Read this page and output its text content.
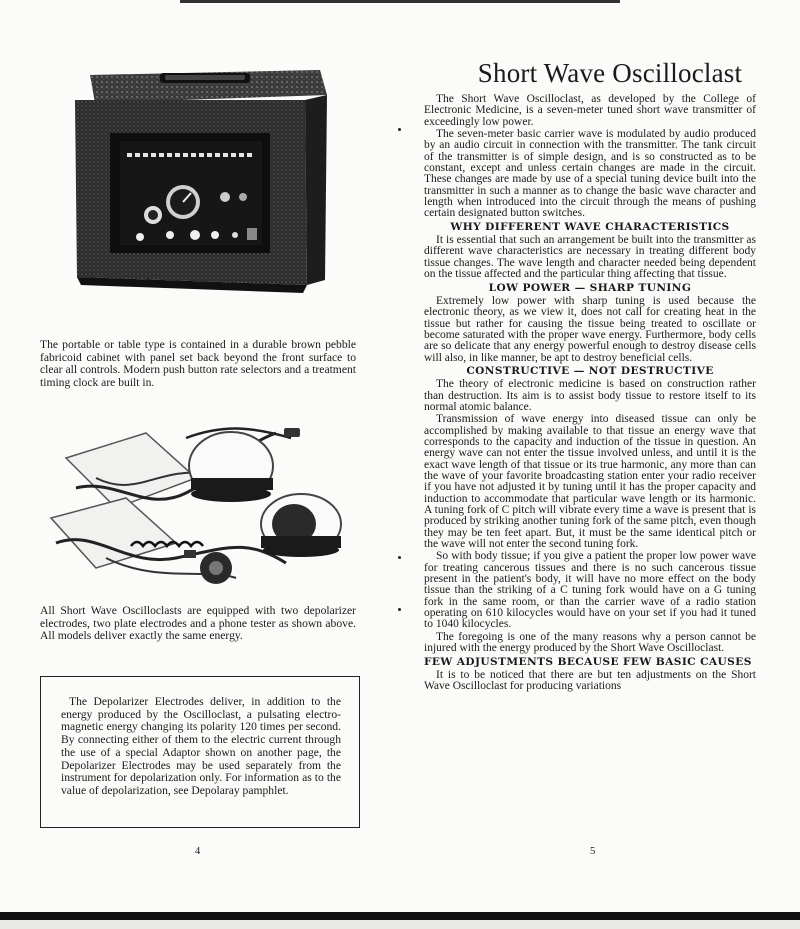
The portable or table type is contained in a durable brown pebble fabricoid cabinet with panel set back beyond the front surface to clear all controls. Modern push button rate selectors and a treatment timing clock are built in.
All Short Wave Oscilloclasts are equipped with two depolarizer electrodes, two plate electrodes and a phone tester as shown above. All models deliver exactly the same energy.

The Depolarizer Electrodes deliver, in addition to the energy produced by the Oscilloclast, a pulsating electro-magnetic energy changing its polarity 120 times per second. By connecting either of them to the electric current through the use of a special Adaptor shown on another page, the Depolarizer Electrodes may be used separately from the instrument for depolarization only. For information as to the value of depolarization, see Depolaray pamphlet.

4
Short Wave Oscilloclast

The Short Wave Oscilloclast, as developed by the College of Electronic Medicine, is a seven-meter tuned short wave transmitter of exceedingly low power.

The seven-meter basic carrier wave is modulated by audio produced by an audio circuit in connection with the transmitter. The tank circuit of the transmitter is of simple design, and is so constructed as to be constant, except and unless certain changes are made in the circuit. These changes are made by use of a special tuning device built into the transmitter in such a manner as to change the basic wave character and length when introduced into the circuit through the means of pushing certain designated button switches.

WHY DIFFERENT WAVE CHARACTERISTICS

It is essential that such an arrangement be built into the transmitter as different wave characteristics are necessary in treating different body tissue changes. The wave length and character needed being dependent on the tissue affected and the particular thing affecting that tissue.

LOW POWER — SHARP TUNING

Extremely low power with sharp tuning is used because the electronic theory, as we view it, does not call for creating heat in the tissue but rather for causing the tissue being treated to oscillate or become saturated with the proper wave energy. Furthermore, body cells are so delicate that any energy powerful enough to destroy disease cells will also, in like manner, be apt to destroy beneficial cells.

CONSTRUCTIVE — NOT DESTRUCTIVE

The theory of electronic medicine is based on construction rather than destruction. Its aim is to assist body tissue to restore itself to its normal atomic balance.

Transmission of wave energy into diseased tissue can only be accomplished by making available to that tissue an energy wave that corresponds to the capacity and induction of the tissue in question. An energy wave can not enter the tissue involved unless, and until it is the exact wave length of that tissue or its true harmonic, any more than can the wave of your favorite broadcasting station enter your radio receiver if you have not adjusted it by tuning until it has the proper capacity and induction to accommodate that particular wave length or its harmonic. A tuning fork of C pitch will vibrate every time a wave is present that is produced by striking another tuning fork of the same pitch, even though they may be ten feet apart. But, it must be the same identical pitch or the wave will not enter the second tuning fork.

So with body tissue; if you give a patient the proper low power wave for treating cancerous tissues and there is no such cancerous tissue present in the patient's body, it will have no more effect on the body tissue than the striking of a C tuning fork would have on a G tuning fork in the same room, or than the carrier wave of a radio station operating on 610 kilocycles would have on your set if you had it tuned to 1040 kilocycles.

The foregoing is one of the many reasons why a person cannot be injured with the energy produced by the Short Wave Oscilloclast.

FEW ADJUSTMENTS BECAUSE FEW BASIC CAUSES

It is to be noticed that there are but ten adjustments on the Short Wave Oscilloclast for producing variations

5
